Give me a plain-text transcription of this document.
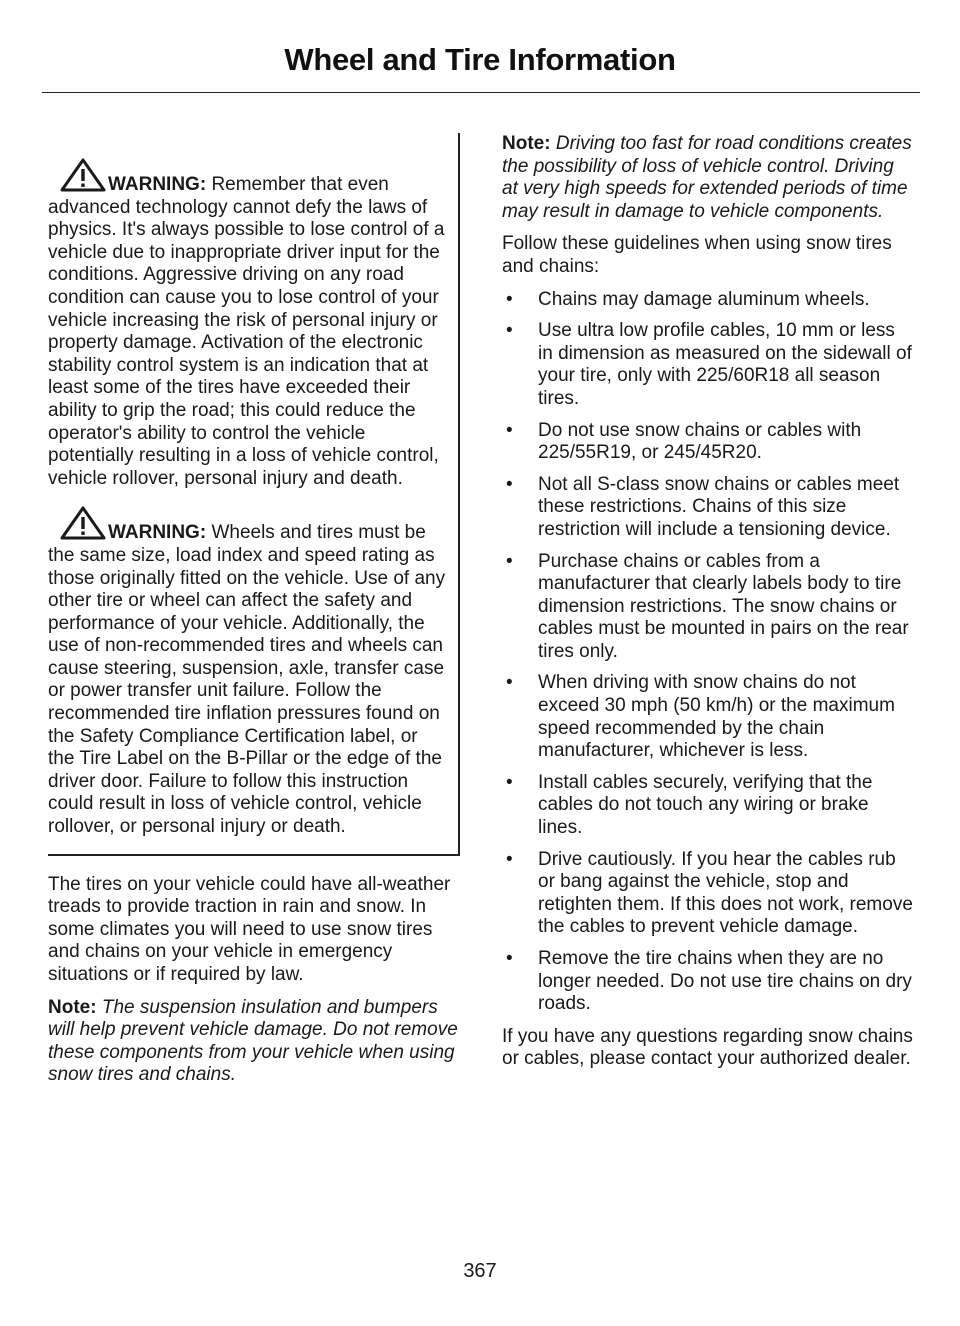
Wheel and Tire Information

WARNING: Remember that even advanced technology cannot defy the laws of physics. It's always possible to lose control of a vehicle due to inappropriate driver input for the conditions. Aggressive driving on any road condition can cause you to lose control of your vehicle increasing the risk of personal injury or property damage. Activation of the electronic stability control system is an indication that at least some of the tires have exceeded their ability to grip the road; this could reduce the operator's ability to control the vehicle potentially resulting in a loss of vehicle control, vehicle rollover, personal injury and death.

WARNING: Wheels and tires must be the same size, load index and speed rating as those originally fitted on the vehicle. Use of any other tire or wheel can affect the safety and performance of your vehicle. Additionally, the use of non-recommended tires and wheels can cause steering, suspension, axle, transfer case or power transfer unit failure. Follow the recommended tire inflation pressures found on the Safety Compliance Certification label, or the Tire Label on the B-Pillar or the edge of the driver door. Failure to follow this instruction could result in loss of vehicle control, vehicle rollover, or personal injury or death.

The tires on your vehicle could have all-weather treads to provide traction in rain and snow. In some climates you will need to use snow tires and chains on your vehicle in emergency situations or if required by law.

Note: The suspension insulation and bumpers will help prevent vehicle damage. Do not remove these components from your vehicle when using snow tires and chains.

Note: Driving too fast for road conditions creates the possibility of loss of vehicle control. Driving at very high speeds for extended periods of time may result in damage to vehicle components.

Follow these guidelines when using snow tires and chains:

• Chains may damage aluminum wheels.
• Use ultra low profile cables, 10 mm or less in dimension as measured on the sidewall of your tire, only with 225/60R18 all season tires.
• Do not use snow chains or cables with 225/55R19, or 245/45R20.
• Not all S-class snow chains or cables meet these restrictions. Chains of this size restriction will include a tensioning device.
• Purchase chains or cables from a manufacturer that clearly labels body to tire dimension restrictions. The snow chains or cables must be mounted in pairs on the rear tires only.
• When driving with snow chains do not exceed 30 mph (50 km/h) or the maximum speed recommended by the chain manufacturer, whichever is less.
• Install cables securely, verifying that the cables do not touch any wiring or brake lines.
• Drive cautiously. If you hear the cables rub or bang against the vehicle, stop and retighten them. If this does not work, remove the cables to prevent vehicle damage.
• Remove the tire chains when they are no longer needed. Do not use tire chains on dry roads.

If you have any questions regarding snow chains or cables, please contact your authorized dealer.

367
